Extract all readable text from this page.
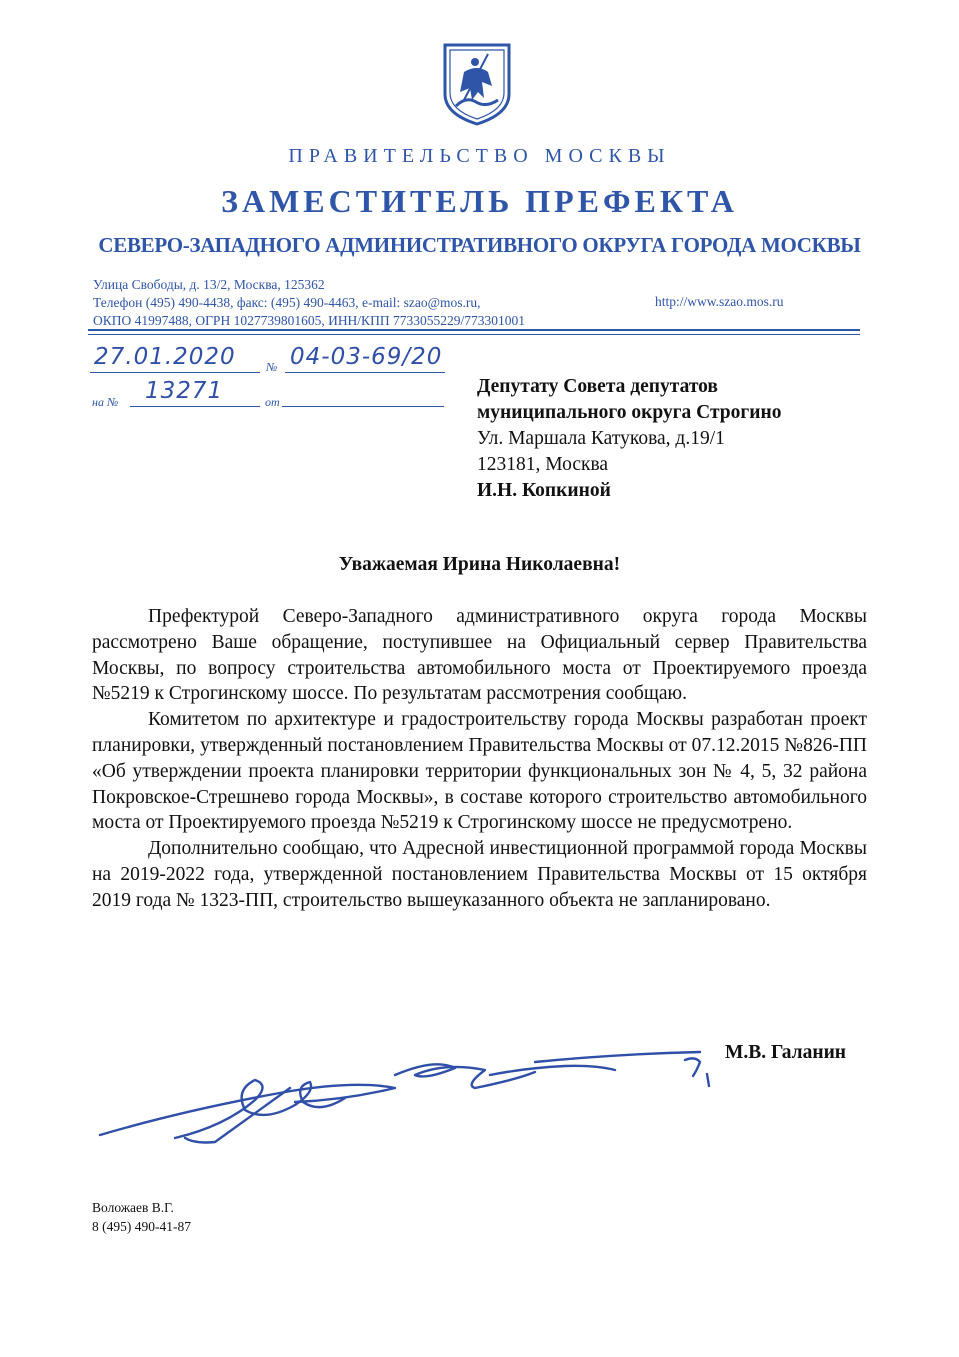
ПРАВИТЕЛЬСТВО МОСКВЫ
ЗАМЕСТИТЕЛЬ ПРЕФЕКТА
СЕВЕРО-ЗАПАДНОГО АДМИНИСТРАТИВНОГО ОКРУГА ГОРОДА МОСКВЫ
Улица Свободы, д. 13/2, Москва, 125362
Телефон (495) 490-4438, факс: (495) 490-4463, e-mail: szao@mos.ru,
ОКПО 41997488, ОГРН 1027739801605, ИНН/КПП 7733055229/773301001
http://www.szao.mos.ru
27.01.2020	№ 04-03-69/20
на № 13271	от
Депутату Совета депутатов
муниципального округа Строгино
Ул. Маршала Катукова, д.19/1
123181, Москва
И.Н. Копкиной
Уважаемая Ирина Николаевна!

Префектурой Северо-Западного административного округа города Москвы рассмотрено Ваше обращение, поступившее на Официальный сервер Правительства Москвы, по вопросу строительства автомобильного моста от Проектируемого проезда №5219 к Строгинскому шоссе. По результатам рассмотрения сообщаю.

Комитетом по архитектуре и градостроительству города Москвы разработан проект планировки, утвержденный постановлением Правительства Москвы от 07.12.2015 №826-ПП «Об утверждении проекта планировки территории функциональных зон № 4, 5, 32 района Покровское-Стрешнево города Москвы», в составе которого строительство автомобильного моста от Проектируемого проезда №5219 к Строгинскому шоссе не предусмотрено.

Дополнительно сообщаю, что Адресной инвестиционной программой города Москвы на 2019-2022 года, утвержденной постановлением Правительства Москвы от 15 октября 2019 года № 1323-ПП, строительство вышеуказанного объекта не запланировано.

М.В. Галанин
Воложаев В.Г.
8 (495) 490-41-87
